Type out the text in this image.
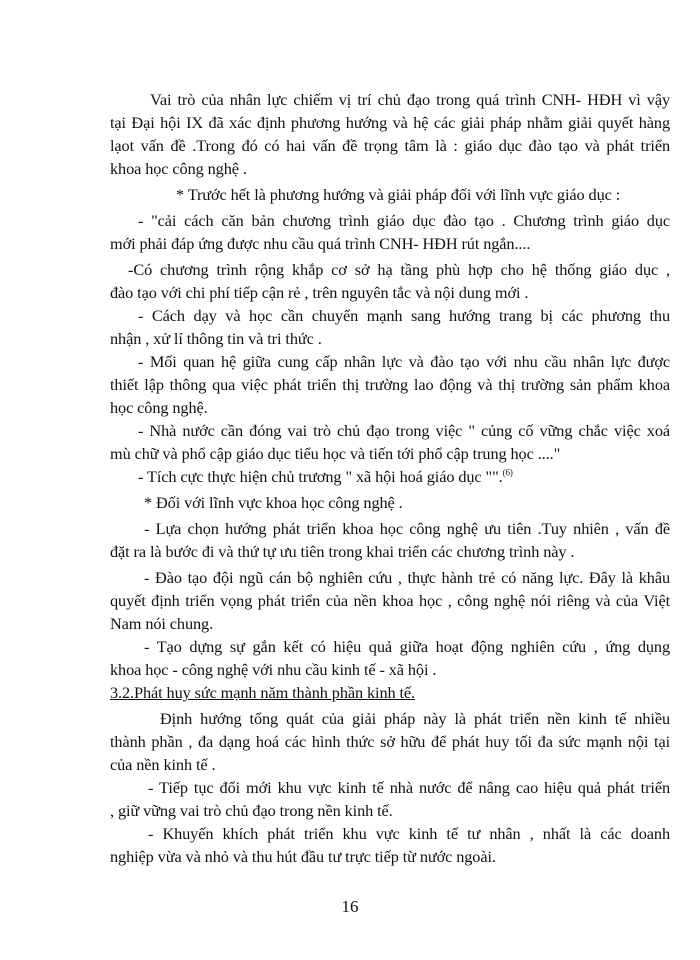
Vai trò của nhân lực chiếm vị trí chủ đạo trong quá trình CNH- HĐH vì vậy
tại Đại hội IX đã xác định phương hướng và hệ các giải pháp nhằm giải quyết hàng
lạot vấn đề .Trong đó có hai vấn đề trọng tâm là : giáo dục đào tạo và phát triển
khoa học công nghệ .
* Trước hết là phương hướng và giải pháp đối với lĩnh vực giáo dục :
- "cải cách căn bản chương trình giáo dục đào tạo . Chương trình giáo dục
mới phải đáp ứng được nhu cầu quá trình CNH- HĐH rút ngắn....
-Có chương trình rộng khắp cơ sở hạ tầng phù hợp cho hệ thống giáo dục ,
đào tạo với chi phí tiếp cận rẻ , trên nguyên tắc và nội dung mới .
- Cách dạy và học cần chuyển mạnh sang hướng trang bị các phương thu
nhận , xử lí thông tin và tri thức .
- Mối quan hệ giữa cung cấp nhân lực và đào tạo với nhu cầu nhân lực được
thiết lập thông qua việc phát triển thị trường lao động và thị trường sản phẩm khoa
học công nghệ.
- Nhà nước cần đóng vai trò chủ đạo trong việc " củng cố vững chắc việc xoá
mù chữ và phổ cập giáo dục tiểu học và tiến tới phổ cập trung học ...."
- Tích cực thực hiện chủ trương " xã hội hoá giáo dục "".$^{(6)}$
* Đối với lĩnh vực khoa học công nghệ .
- Lựa chọn hướng phát triển khoa học công nghệ ưu tiên .Tuy nhiên , vấn đề
đặt ra là bước đi và thứ tự ưu tiên trong khai triển các chương trình này .
- Đào tạo đội ngũ cán bộ nghiên cứu , thực hành trẻ có năng lực. Đây là khâu
quyết định triển vọng phát triển của nền khoa học , công nghệ nói riêng và của Việt
Nam nói chung.
- Tạo dựng sự gắn kết có hiệu quả giữa hoạt động nghiên cứu , ứng dụng
khoa học - công nghệ với nhu cầu kinh tế - xã hội .
3.2.Phát huy sức mạnh năm thành phần kinh tế.
Định hướng tổng quát của giải pháp này là phát triển nền kinh tế nhiều
thành phần , đa dạng hoá các hình thức sở hữu để phát huy tối đa sức mạnh nội tại
của nền kinh tế .
- Tiếp tục đổi mới khu vực kinh tế nhà nước để nâng cao hiệu quả phát triển
, giữ vững vai trò chủ đạo trong nền kinh tế.
- Khuyến khích phát triển khu vực kinh tế tư nhân , nhất là các doanh
nghiệp vừa và nhỏ và thu hút đầu tư trực tiếp từ nước ngoài.
16
